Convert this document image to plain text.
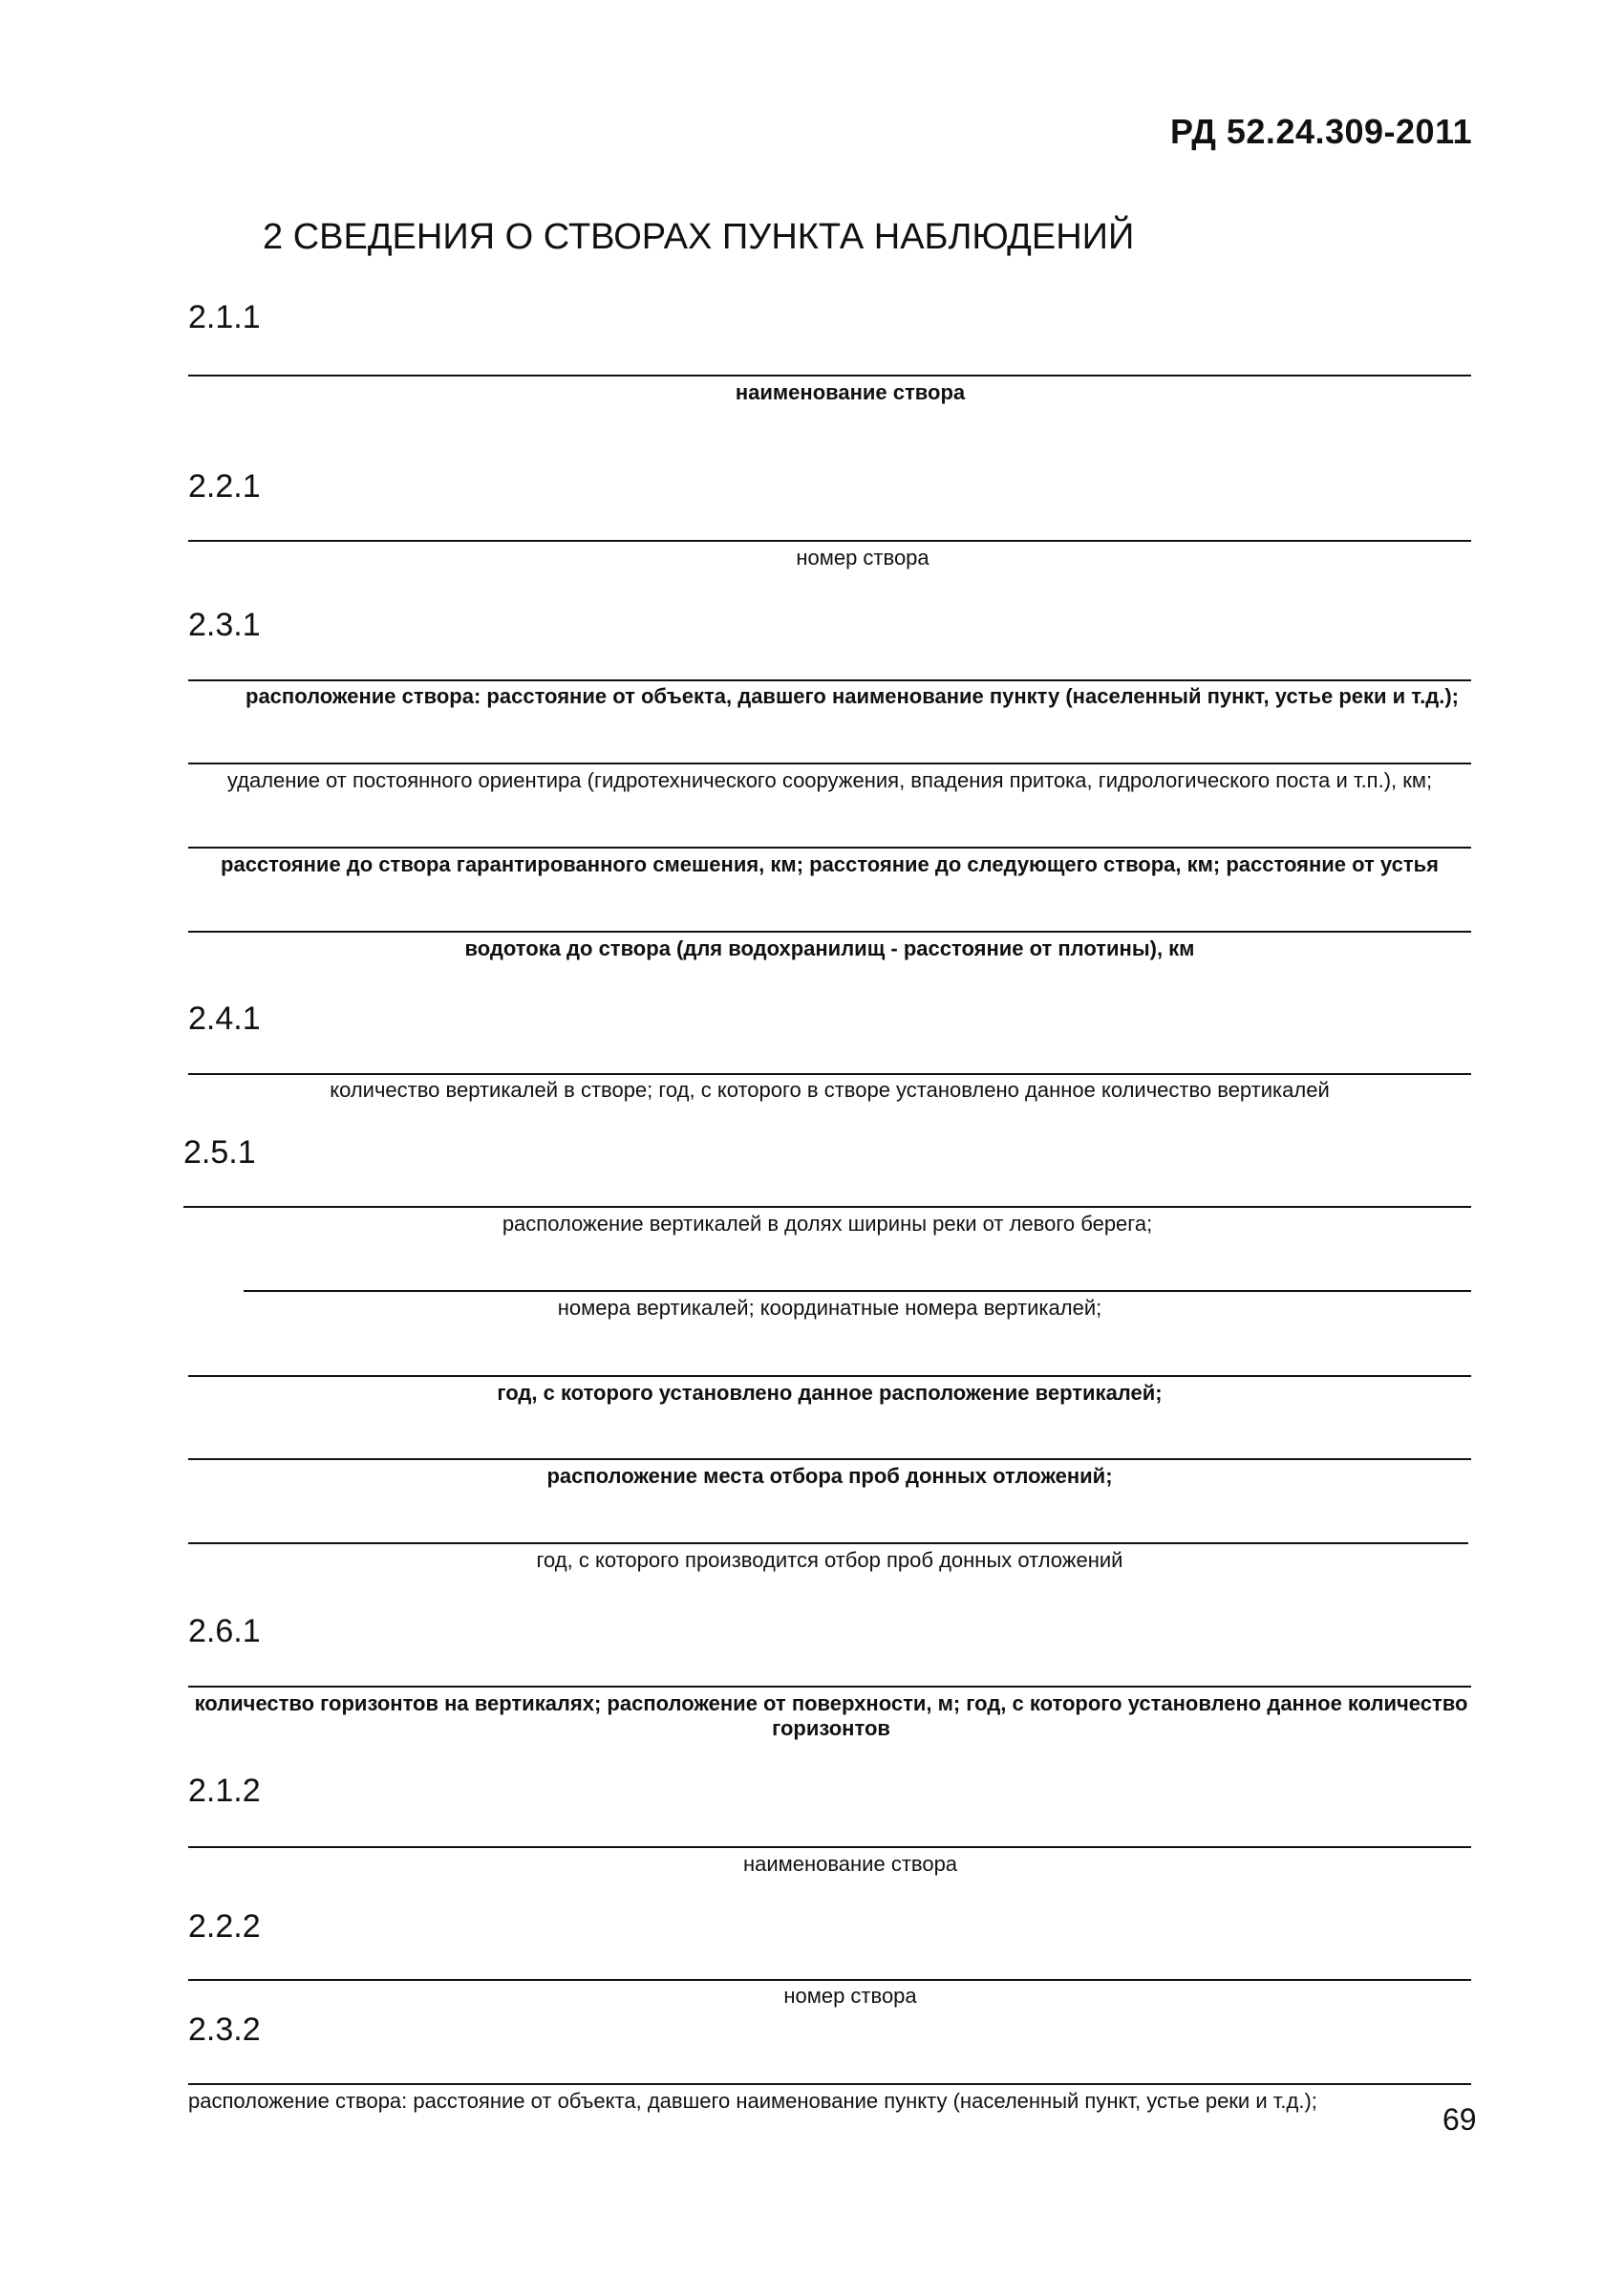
РД 52.24.309-2011
2 СВЕДЕНИЯ О СТВОРАХ ПУНКТА НАБЛЮДЕНИЙ
2.1.1
наименование створа
2.2.1
номер створа
2.3.1
расположение створа: расстояние от объекта, давшего наименование пункту (населенный пункт, устье реки и т.д.);
удаление от постоянного ориентира (гидротехнического сооружения, впадения притока, гидрологического поста и т.п.), км;
расстояние до створа гарантированного смешения, км; расстояние до следующего створа, км; расстояние от устья
водотока до створа (для водохранилищ - расстояние от плотины), км
2.4.1
количество вертикалей в створе; год, с которого в створе установлено данное количество вертикалей
2.5.1
расположение вертикалей в долях ширины реки от левого берега;
номера вертикалей; координатные номера вертикалей;
год, с которого установлено данное расположение вертикалей;
расположение места отбора проб донных отложений;
год, с которого производится отбор проб донных отложений
2.6.1
количество горизонтов на вертикалях; расположение от поверхности, м; год, с которого установлено данное количество горизонтов
2.1.2
наименование створа
2.2.2
номер створа
2.3.2
расположение створа: расстояние от объекта, давшего наименование пункту (населенный пункт, устье реки и т.д.);
69
